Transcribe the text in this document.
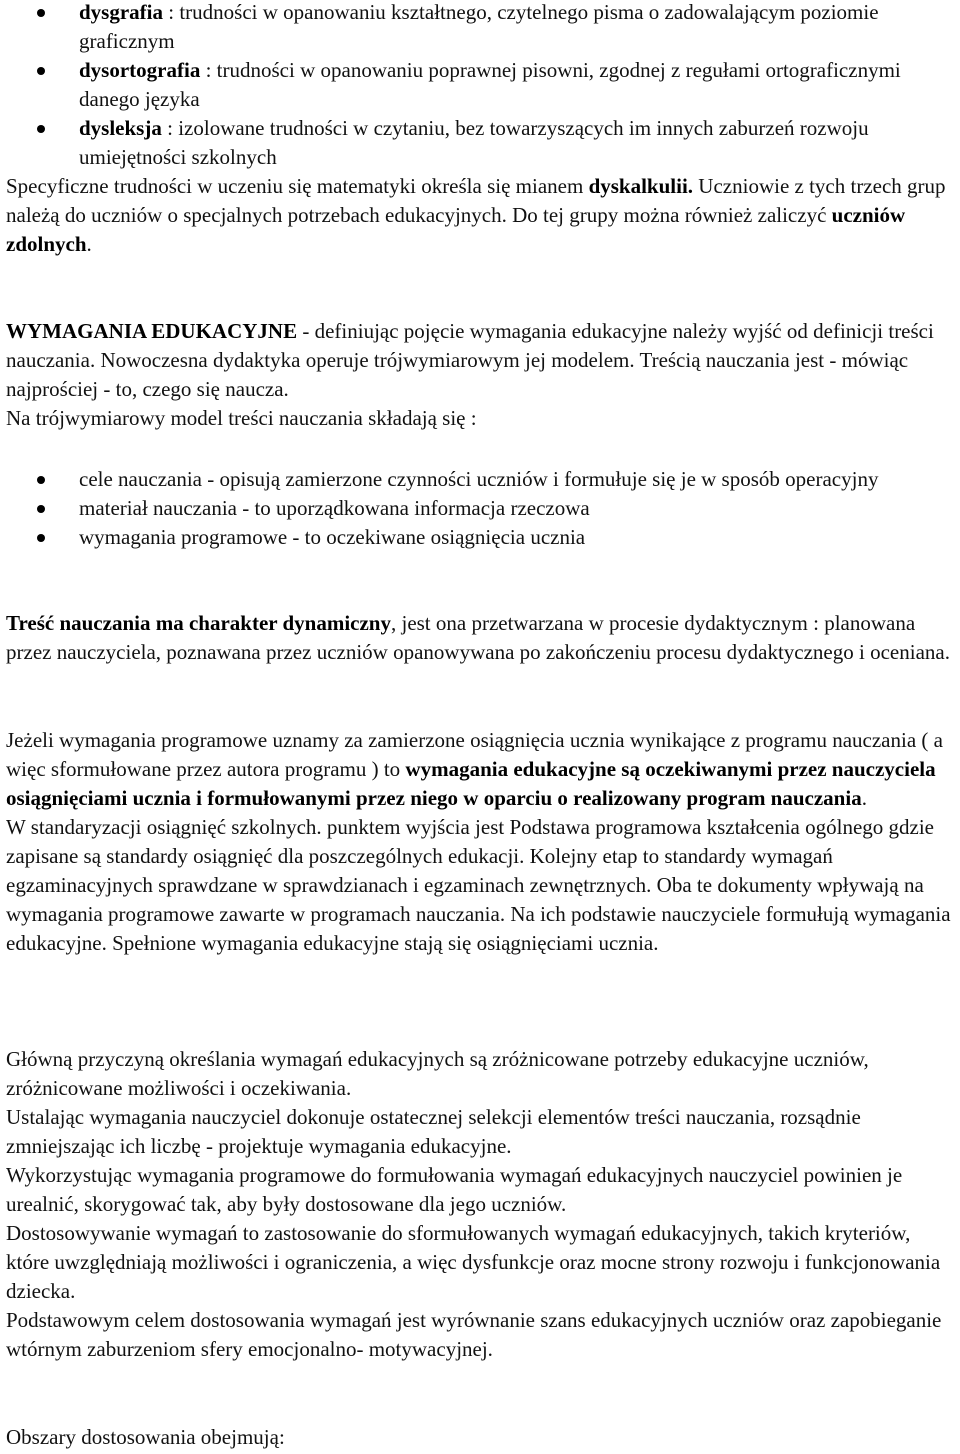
dysgrafia : trudności w opanowaniu kształtnego, czytelnego pisma o zadowalającym poziomie graficznym
dysortografia : trudności w opanowaniu poprawnej pisowni, zgodnej z regułami ortograficznymi danego języka
dysleksja : izolowane trudności w czytaniu, bez towarzyszących im innych zaburzeń rozwoju umiejętności szkolnych

Specyficzne trudności w uczeniu się matematyki określa się mianem dyskalkulii. Uczniowie z tych trzech grup należą do uczniów o specjalnych potrzebach edukacyjnych. Do tej grupy można również zaliczyć uczniów zdolnych.

WYMAGANIA EDUKACYJNE - definiując pojęcie wymagania edukacyjne należy wyjść od definicji treści nauczania. Nowoczesna dydaktyka operuje trójwymiarowym jej modelem. Treścią nauczania jest - mówiąc najprościej - to, czego się naucza.
Na trójwymiarowy model treści nauczania składają się :

cele nauczania - opisują zamierzone czynności uczniów i formułuje się je w sposób operacyjny
materiał nauczania - to uporządkowana informacja rzeczowa
wymagania programowe - to oczekiwane osiągnięcia ucznia

Treść nauczania ma charakter dynamiczny, jest ona przetwarzana w procesie dydaktycznym : planowana przez nauczyciela, poznawana przez uczniów opanowywana po zakończeniu procesu dydaktycznego i oceniana.

Jeżeli wymagania programowe uznamy za zamierzone osiągnięcia ucznia wynikające z programu nauczania ( a więc sformułowane przez autora programu ) to wymagania edukacyjne są oczekiwanymi przez nauczyciela osiągnięciami ucznia i formułowanymi przez niego w oparciu o realizowany program nauczania.
W standaryzacji osiągnięć szkolnych. punktem wyjścia jest Podstawa programowa kształcenia ogólnego gdzie zapisane są standardy osiągnięć dla poszczególnych edukacji. Kolejny etap to standardy wymagań egzaminacyjnych sprawdzane w sprawdzianach i egzaminach zewnętrznych. Oba te dokumenty wpływają na wymagania programowe zawarte w programach nauczania. Na ich podstawie nauczyciele formułują wymagania edukacyjne. Spełnione wymagania edukacyjne stają się osiągnięciami ucznia.

Główną przyczyną określania wymagań edukacyjnych są zróżnicowane potrzeby edukacyjne uczniów, zróżnicowane możliwości i oczekiwania.

Ustalając wymagania nauczyciel dokonuje ostatecznej selekcji elementów treści nauczania, rozsądnie zmniejszając ich liczbę - projektuje wymagania edukacyjne.

Wykorzystując wymagania programowe do formułowania wymagań edukacyjnych nauczyciel powinien je urealnić, skorygować tak, aby były dostosowane dla jego uczniów.

Dostosowywanie wymagań to zastosowanie do sformułowanych wymagań edukacyjnych, takich kryteriów, które uwzględniają możliwości i ograniczenia, a więc dysfunkcje oraz mocne strony rozwoju i funkcjonowania dziecka.

Podstawowym celem dostosowania wymagań jest wyrównanie szans edukacyjnych uczniów oraz zapobieganie wtórnym zaburzeniom sfery emocjonalno- motywacyjnej.

Obszary dostosowania obejmują:
